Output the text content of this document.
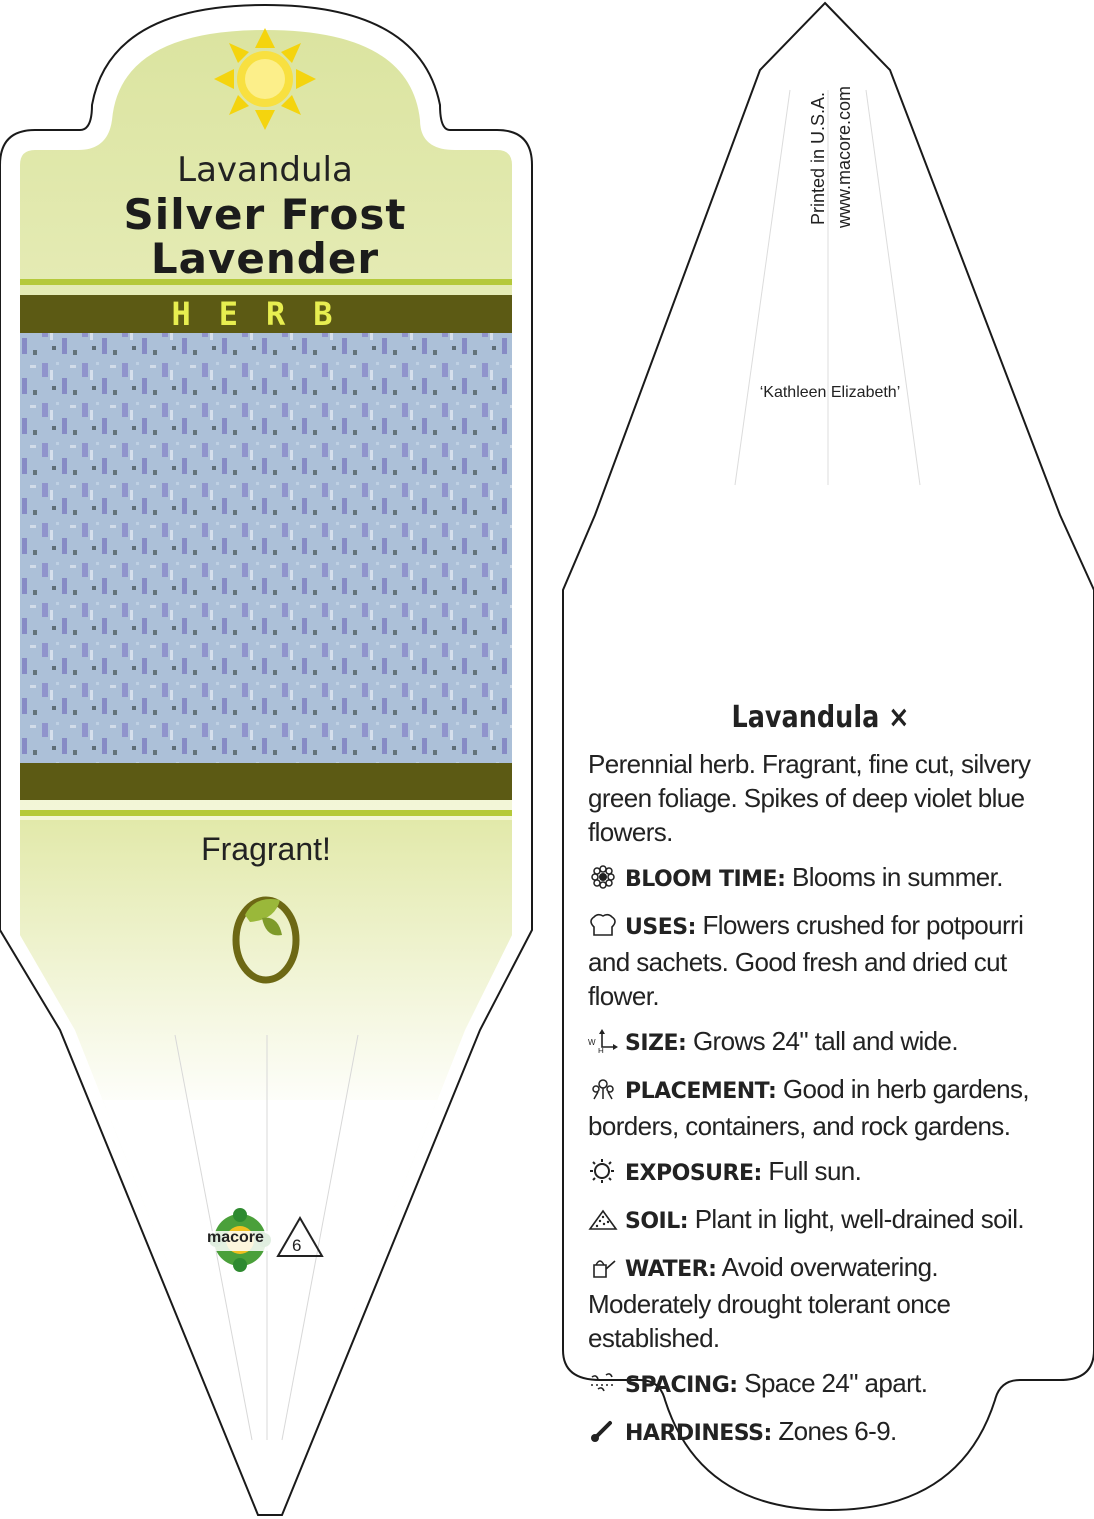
Lavandula
Silver Frost
Lavender
HERB
Fragrant!
macore 6
Printed in U.S.A. www.macore.com
‘Kathleen Elizabeth’
Lavandula ×
Perennial herb. Fragrant, fine cut, silvery green foliage. Spikes of deep violet blue flowers.
BLOOM TIME: Blooms in summer.
USES: Flowers crushed for potpourri and sachets. Good fresh and dried cut flower.
W
H SIZE: Grows 24" tall and wide.
PLACEMENT: Good in herb gardens, borders, containers, and rock gardens.
EXPOSURE: Full sun.
SOIL: Plant in light, well-drained soil.
WATER: Avoid overwatering. Moderately drought tolerant once established.
SPACING: Space 24" apart.
HARDINESS: Zones 6-9.
